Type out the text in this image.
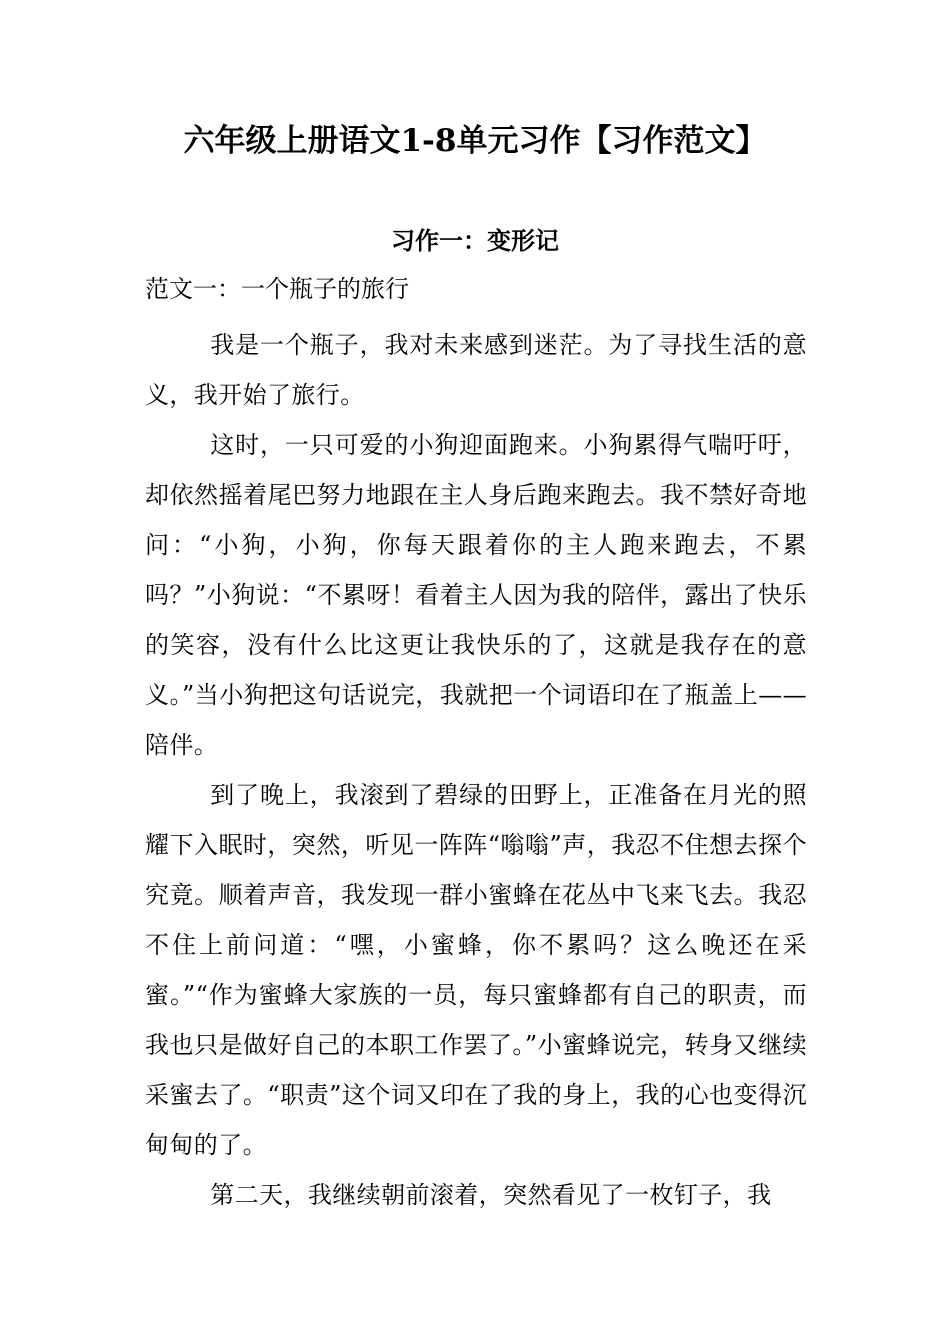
六年级上册语文1-8单元习作【习作范文】
习作一：变形记
范文一：一个瓶子的旅行

我是一个瓶子，我对未来感到迷茫。为了寻找生活的意义，我开始了旅行。

这时，一只可爱的小狗迎面跑来。小狗累得气喘吁吁，却依然摇着尾巴努力地跟在主人身后跑来跑去。我不禁好奇地问：“小狗，小狗，你每天跟着你的主人跑来跑去，不累吗？”小狗说：“不累呀！看着主人因为我的陪伴，露出了快乐的笑容，没有什么比这更让我快乐的了，这就是我存在的意义。”当小狗把这句话说完，我就把一个词语印在了瓶盖上——陪伴。

到了晚上，我滚到了碧绿的田野上，正准备在月光的照耀下入眠时，突然，听见一阵阵“嗡嗡”声，我忍不住想去探个究竟。顺着声音，我发现一群小蜜蜂在花丛中飞来飞去。我忍不住上前问道：“嘿，小蜜蜂，你不累吗？这么晚还在采蜜。”“作为蜜蜂大家族的一员，每只蜜蜂都有自己的职责，而我也只是做好自己的本职工作罢了。”小蜜蜂说完，转身又继续采蜜去了。“职责”这个词又印在了我的身上，我的心也变得沉甸甸的了。

第二天，我继续朝前滚着，突然看见了一枚钉子，我
